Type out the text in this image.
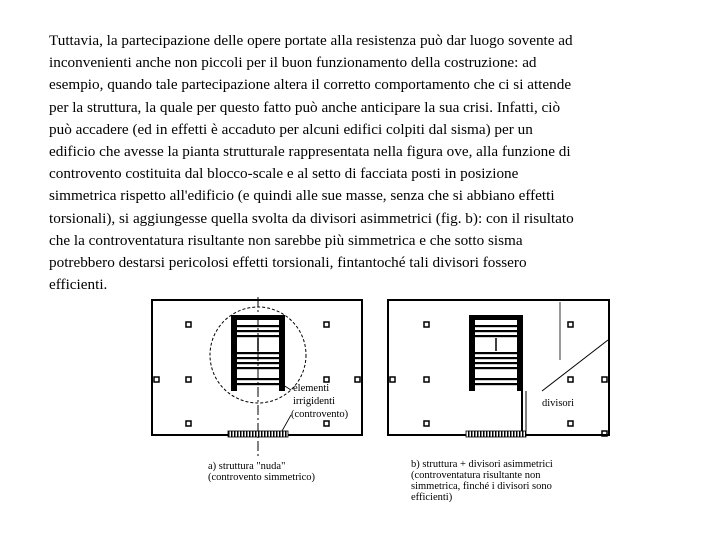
Tuttavia, la partecipazione delle opere portate alla resistenza può dar luogo sovente ad
inconvenienti anche non piccoli per il buon funzionamento della costruzione: ad
esempio, quando tale partecipazione altera il corretto comportamento che ci si attende
per la struttura, la quale per questo fatto può anche anticipare la sua crisi. Infatti, ciò
può accadere (ed in effetti è accaduto per alcuni edifici colpiti dal sisma) per un
edificio che avesse la pianta strutturale rappresentata nella figura ove, alla funzione di
controvento costituita dal blocco-scale e al setto di facciata posti in posizione
simmetrica rispetto all'edificio (e quindi alle sue masse, senza che si abbiano effetti
torsionali), si aggiungesse quella svolta da divisori asimmetrici (fig. b): con il risultato
che la controventatura risultante non sarebbe più simmetrica e che sotto sisma
potrebbero destarsi pericolosi effetti torsionali, fintantoché tali divisori fossero
efficienti.
elementi
irrigidenti
(controvento)
divisori
a) struttura "nuda"
(controvento simmetrico)
b) struttura + divisori asimmetrici
(controventatura risultante non
simmetrica, finché i divisori sono
efficienti)
